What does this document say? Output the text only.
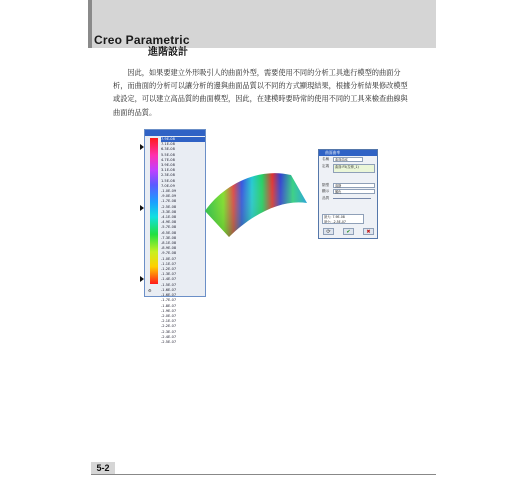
Creo Parametric
進階設計

因此，如果要建立外形吸引人的曲面外型，需要使用不同的分析工具進行模型的曲面分析，而曲面的分析可以讓分析的邊與曲面品質以不同的方式顯現結果，根據分析結果修改模型或設定，可以建立高品質的曲面模型，因此，在建模時要時常的使用不同的工具來檢查曲線與曲面的品質。

7.9E-08
7.1E-08
6.3E-08
5.5E-08
4.7E-08
3.9E-08
3.1E-08
2.3E-08
1.5E-08
7.0E-09
-1.0E-09
-9.0E-09
-1.7E-08
-2.5E-08
-3.3E-08
-4.1E-08
-4.9E-08
-5.7E-08
-6.5E-08
-7.3E-08
-8.1E-08
-8.9E-08
-9.7E-08
-1.0E-07
-1.1E-07
-1.2E-07
-1.3E-07
-1.4E-07
-1.5E-07
-1.6E-07
-1.6E-07
-1.7E-07
-1.8E-07
-1.9E-07
-2.0E-07
-2.1E-07
-2.2E-07
-2.3E-07
-2.4E-07
-2.5E-07
⚙
曲面曲率
名稱	曲面曲率
定義	曲面:F5(拉伸_1)
類型	高斯
顯示	顏色
品質
最大: 7.9E-08
最小: -2.5E-07
⟳	✔	✖
5-2
